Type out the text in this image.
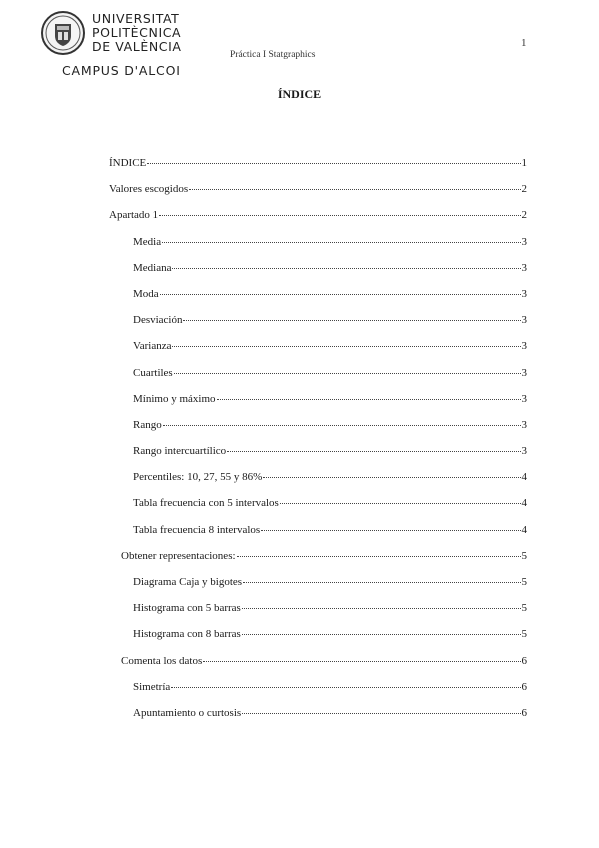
UNIVERSITAT
POLITÈCNICA
DE VALÈNCIA
CAMPUS D'ALCOI
Práctica I Statgraphics
1
ÍNDICE
ÍNDICE	1
Valores escogidos	2
Apartado 1	2
Media	3
Mediana	3
Moda	3
Desviación	3
Varianza	3
Cuartiles	3
Mínimo y máximo	3
Rango	3
Rango intercuartílico	3
Percentiles: 10, 27, 55 y 86%	4
Tabla frecuencia con 5 intervalos	4
Tabla frecuencia 8 intervalos	4
Obtener representaciones:	5
Diagrama Caja y bigotes	5
Histograma con 5 barras	5
Histograma con 8 barras	5
Comenta los datos	6
Simetría	6
Apuntamiento o curtosis	6
